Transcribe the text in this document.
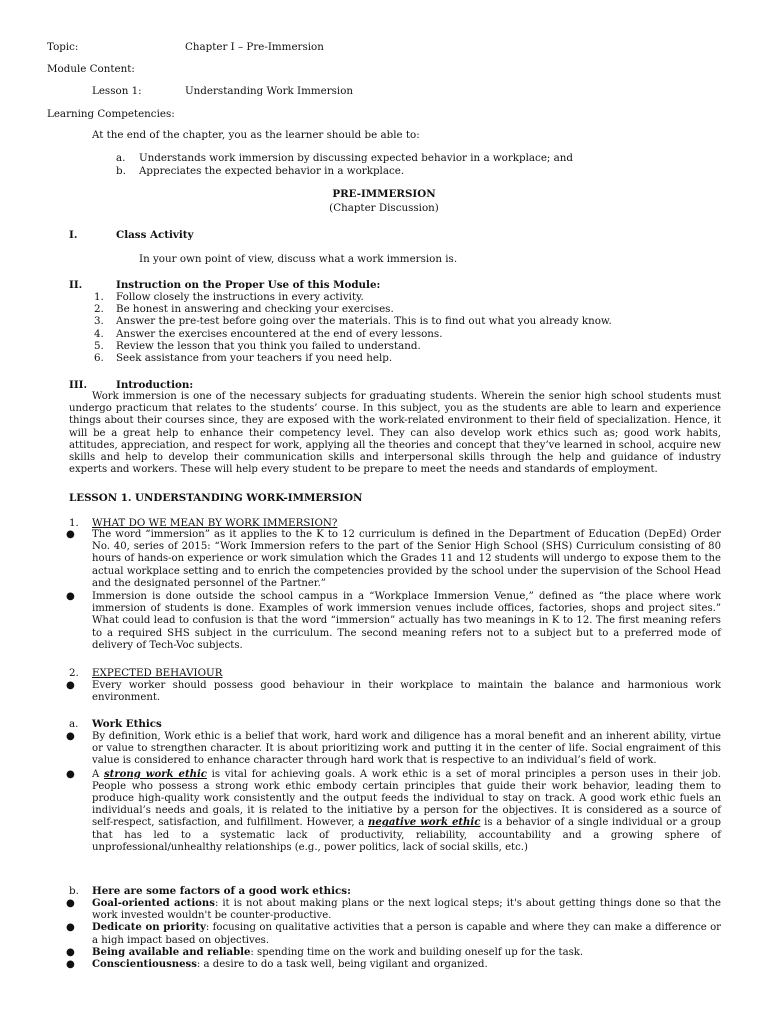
Topic:	Chapter I – Pre-Immersion
Module Content:
Lesson 1:	Understanding Work Immersion
Learning Competencies:
At the end of the chapter, you as the learner should be able to:
a. Understands work immersion by discussing expected behavior in a workplace; and
b. Appreciates the expected behavior in a workplace.
PRE-IMMERSION
(Chapter Discussion)
I.	Class Activity
In your own point of view, discuss what a work immersion is.
II.	Instruction on the Proper Use of this Module:
1. Follow closely the instructions in every activity.
2. Be honest in answering and checking your exercises.
3. Answer the pre-test before going over the materials. This is to find out what you already know.
4. Answer the exercises encountered at the end of every lessons.
5. Review the lesson that you think you failed to understand.
6. Seek assistance from your teachers if you need help.
III.	Introduction:
Work immersion is one of the necessary subjects for graduating students. Wherein the senior high school students must undergo practicum that relates to the students’ course. In this subject, you as the students are able to learn and experience things about their courses since, they are exposed with the work-related environment to their field of specialization. Hence, it will be a great help to enhance their competency level. They can also develop work ethics such as; good work habits, attitudes, appreciation, and respect for work, applying all the theories and concept that they’ve learned in school, acquire new skills and help to develop their communication skills and interpersonal skills through the help and guidance of industry experts and workers. These will help every student to be prepare to meet the needs and standards of employment.
LESSON 1. UNDERSTANDING WORK-IMMERSION
1. WHAT DO WE MEAN BY WORK IMMERSION?
● The word “immersion” as it applies to the K to 12 curriculum is defined in the Department of Education (DepEd) Order No. 40, series of 2015: “Work Immersion refers to the part of the Senior High School (SHS) Curriculum consisting of 80 hours of hands-on experience or work simulation which the Grades 11 and 12 students will undergo to expose them to the actual workplace setting and to enrich the competencies provided by the school under the supervision of the School Head and the designated personnel of the Partner.”
● Immersion is done outside the school campus in a “Workplace Immersion Venue,” defined as “the place where work immersion of students is done. Examples of work immersion venues include offices, factories, shops and project sites.” What could lead to confusion is that the word “immersion” actually has two meanings in K to 12. The first meaning refers to a required SHS subject in the curriculum. The second meaning refers not to a subject but to a preferred mode of delivery of Tech-Voc subjects.
2. EXPECTED BEHAVIOUR
● Every worker should possess good behaviour in their workplace to maintain the balance and harmonious work environment.
a. Work Ethics
● By definition, Work ethic is a belief that work, hard work and diligence has a moral benefit and an inherent ability, virtue or value to strengthen character. It is about prioritizing work and putting it in the center of life. Social engraiment of this value is considered to enhance character through hard work that is respective to an individual’s field of work.
● A strong work ethic is vital for achieving goals. A work ethic is a set of moral principles a person uses in their job. People who possess a strong work ethic embody certain principles that guide their work behavior, leading them to produce high-quality work consistently and the output feeds the individual to stay on track. A good work ethic fuels an individual’s needs and goals, it is related to the initiative by a person for the objectives. It is considered as a source of self-respect, satisfaction, and fulfillment. However, a negative work ethic is a behavior of a single individual or a group that has led to a systematic lack of productivity, reliability, accountability and a growing sphere of unprofessional/unhealthy relationships (e.g., power politics, lack of social skills, etc.)
b. Here are some factors of a good work ethics:
● Goal-oriented actions: it is not about making plans or the next logical steps; it's about getting things done so that the work invested wouldn't be counter-productive.
● Dedicate on priority: focusing on qualitative activities that a person is capable and where they can make a difference or a high impact based on objectives.
● Being available and reliable: spending time on the work and building oneself up for the task.
● Conscientiousness: a desire to do a task well, being vigilant and organized.
